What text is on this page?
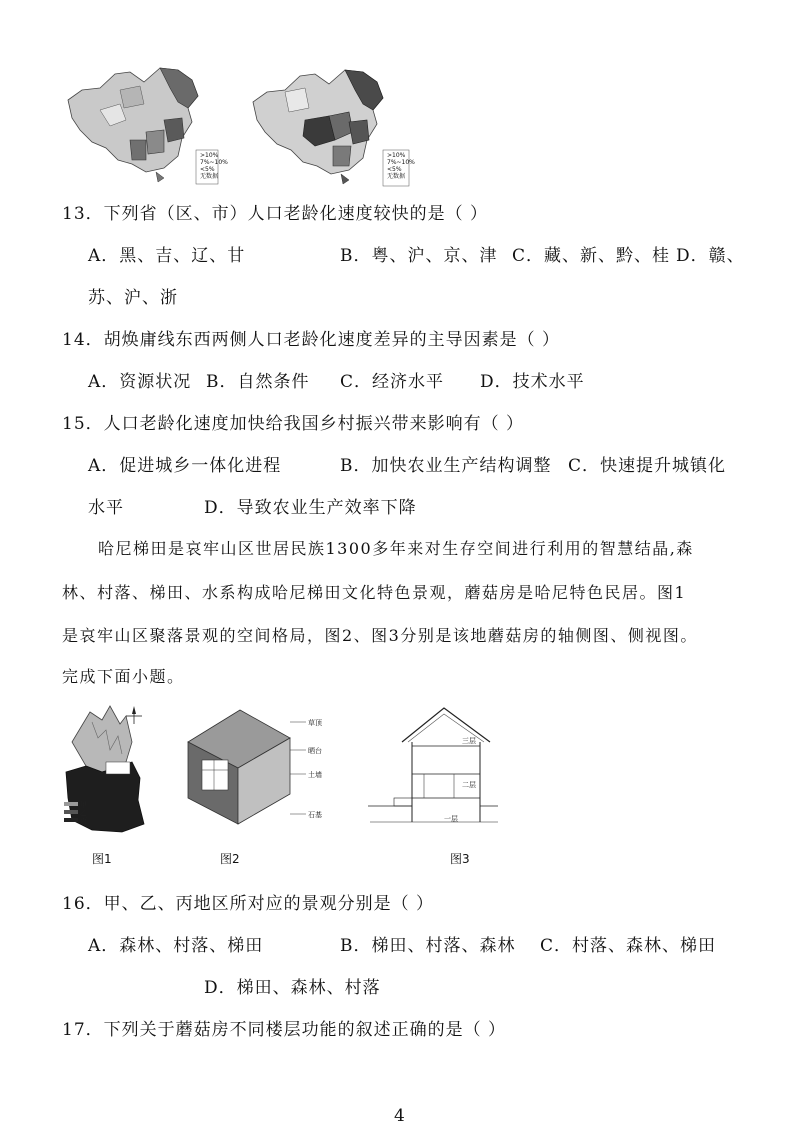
>10%
7%~10%
<5%
无数据
>10%
7%~10%
<5%
无数据
13．下列省（区、市）人口老龄化速度较快的是（ ）
A．黑、吉、辽、甘	B．粤、沪、京、津 C．藏、新、黔、桂 D．赣、
苏、沪、浙
14．胡焕庸线东西两侧人口老龄化速度差异的主导因素是（ ）
A．资源状况 B．自然条件 C．经济水平 D．技术水平
15．人口老龄化速度加快给我国乡村振兴带来影响有（ ）
A．促进城乡一体化进程	B．加快农业生产结构调整 C．快速提升城镇化
水平	D．导致农业生产效率下降
哈尼梯田是哀牢山区世居民族1300多年来对生存空间进行利用的智慧结晶,森
林、村落、梯田、水系构成哈尼梯田文化特色景观，蘑菇房是哈尼特色民居。图1
是哀牢山区聚落景观的空间格局，图2、图3分别是该地蘑菇房的轴侧图、侧视图。
完成下面小题。
甲
乙
丙
图1
草顶
晒台
土墙
石基
图2
三层
二层
一层
图3
16．甲、乙、丙地区所对应的景观分别是（ ）
A．森林、村落、梯田	B．梯田、村落、森林 C．村落、森林、梯田
D．梯田、森林、村落
17．下列关于蘑菇房不同楼层功能的叙述正确的是（ ）
4
